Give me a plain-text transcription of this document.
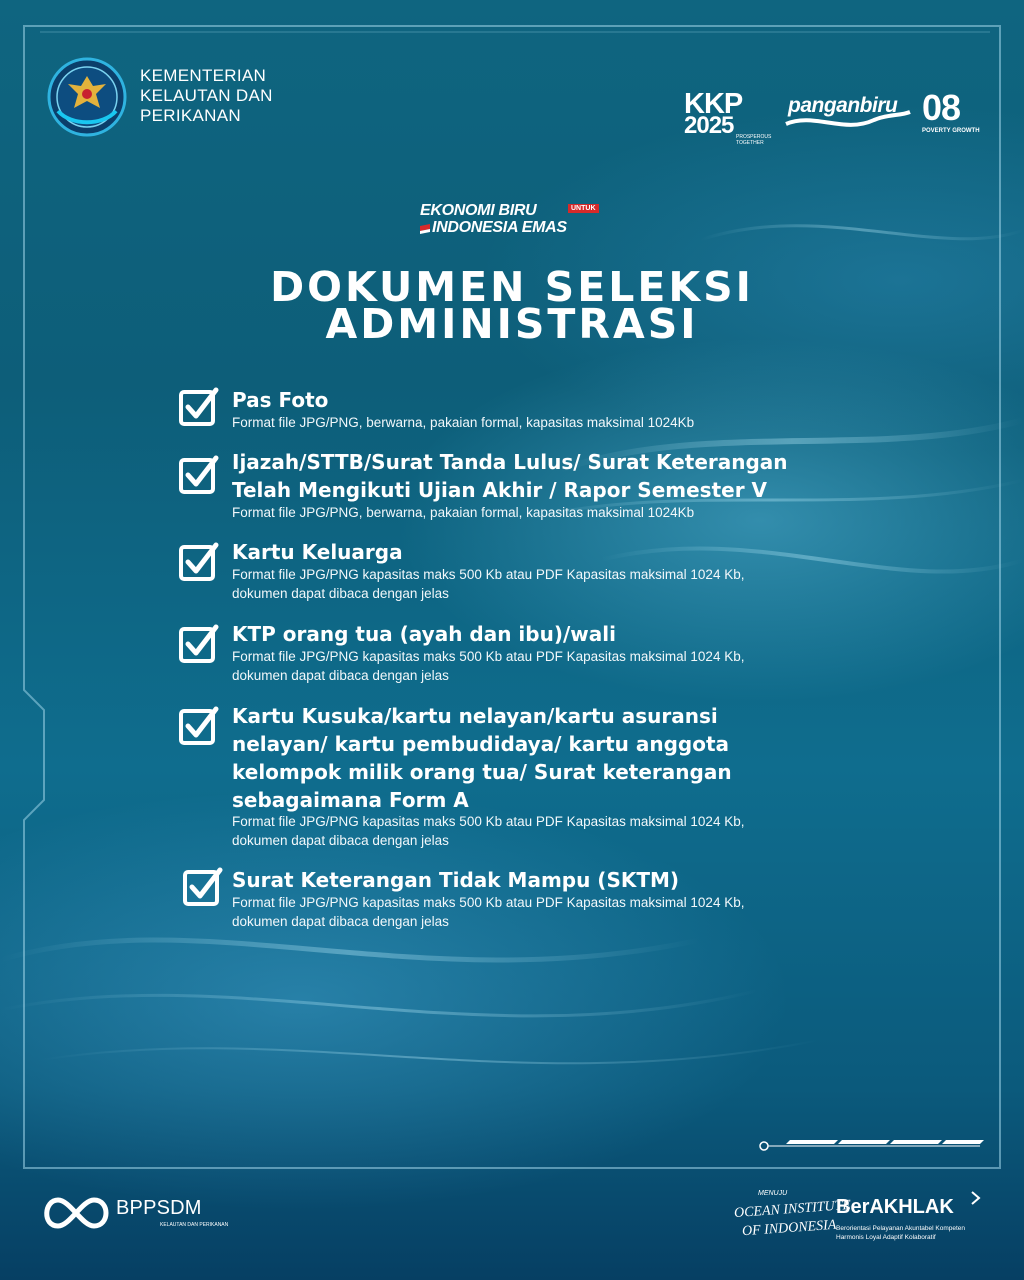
KEMENTERIAN
KELAUTAN DAN
PERIKANAN	KKP
2025 PROSPEROUS TOGETHER
panganbiru 08
POVERTY GROWTH
EKONOMI BIRU	UNTUK
INDONESIA EMAS
DOKUMEN SELEKSI
ADMINISTRASI
Pas Foto
Format file JPG/PNG, berwarna, pakaian formal, kapasitas maksimal 1024Kb
Ijazah/STTB/Surat Tanda Lulus/ Surat Keterangan
Telah Mengikuti Ujian Akhir / Rapor Semester V
Format file JPG/PNG, berwarna, pakaian formal, kapasitas maksimal 1024Kb
Kartu Keluarga
Format file JPG/PNG kapasitas maks 500 Kb atau PDF Kapasitas maksimal 1024 Kb,
dokumen dapat dibaca dengan jelas
KTP orang tua (ayah dan ibu)/wali
Format file JPG/PNG kapasitas maks 500 Kb atau PDF Kapasitas maksimal 1024 Kb,
dokumen dapat dibaca dengan jelas
Kartu Kusuka/kartu nelayan/kartu asuransi
nelayan/ kartu pembudidaya/ kartu anggota
kelompok milik orang tua/ Surat keterangan
sebagaimana Form A
Format file JPG/PNG kapasitas maks 500 Kb atau PDF Kapasitas maksimal 1024 Kb,
dokumen dapat dibaca dengan jelas
Surat Keterangan Tidak Mampu (SKTM)
Format file JPG/PNG kapasitas maks 500 Kb atau PDF Kapasitas maksimal 1024 Kb,
dokumen dapat dibaca dengan jelas
BPPSDM
KELAUTAN DAN PERIKANAN
MENUJU
OCEAN INSTITUTE
OF INDONESIA
BerAKHLAK
Berorientasi Pelayanan Akuntabel Kompeten
Harmonis Loyal Adaptif Kolaboratif
